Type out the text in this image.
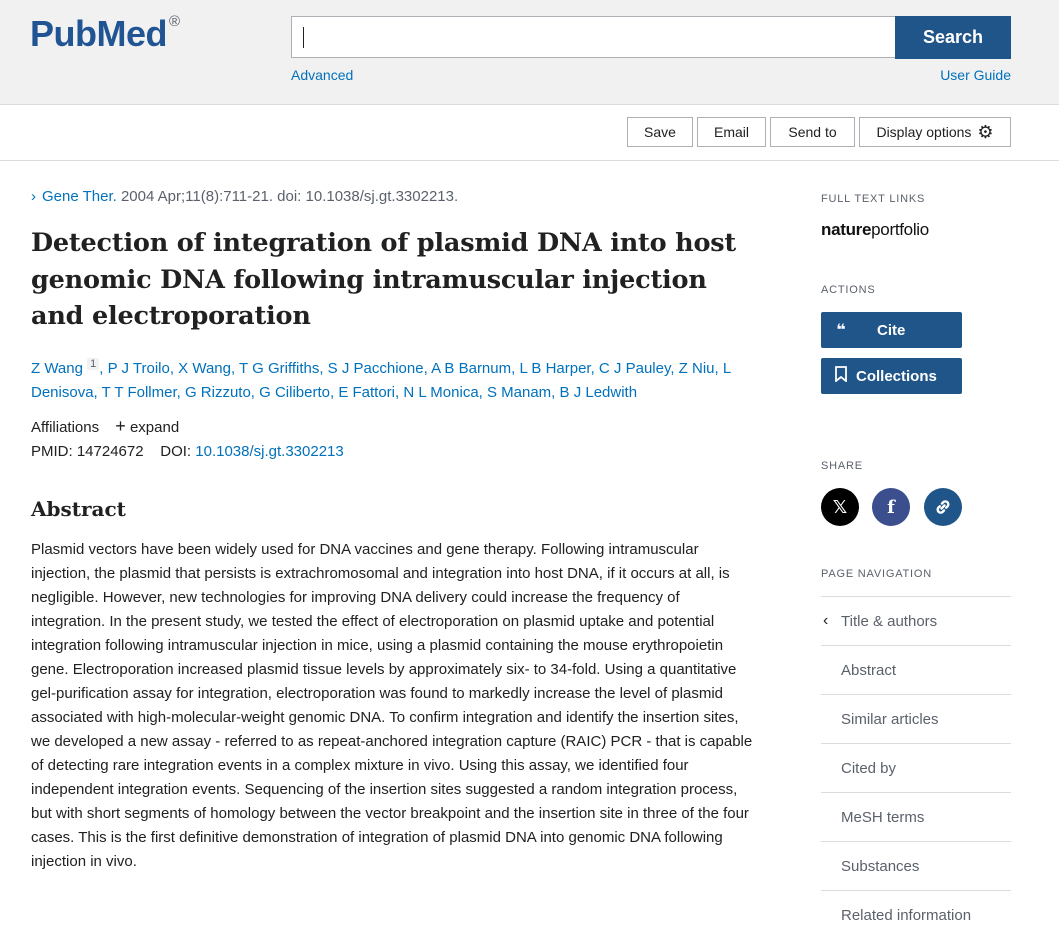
PubMed ®
Search
Advanced	User Guide
Save	Email	Send to	Display options ⚙
› Gene Ther. 2004 Apr;11(8):711-21. doi: 10.1038/sj.gt.3302213.
Detection of integration of plasmid DNA into host genomic DNA following intramuscular injection and electroporation
Z Wang $^1$ , P J Troilo, X Wang, T G Griffiths, S J Pacchione, A B Barnum, L B Harper, C J Pauley, Z Niu, L Denisova, T T Follmer, G Rizzuto, G Ciliberto, E Fattori, N L Monica, S Manam, B J Ledwith
Affiliations + expand
PMID: 14724672 DOI: 10.1038/sj.gt.3302213
Abstract

Plasmid vectors have been widely used for DNA vaccines and gene therapy. Following intramuscular injection, the plasmid that persists is extrachromosomal and integration into host DNA, if it occurs at all, is negligible. However, new technologies for improving DNA delivery could increase the frequency of integration. In the present study, we tested the effect of electroporation on plasmid uptake and potential integration following intramuscular injection in mice, using a plasmid containing the mouse erythropoietin gene. Electroporation increased plasmid tissue levels by approximately six- to 34-fold. Using a quantitative gel-purification assay for integration, electroporation was found to markedly increase the level of plasmid associated with high-molecular-weight genomic DNA. To confirm integration and identify the insertion sites, we developed a new assay - referred to as repeat-anchored integration capture (RAIC) PCR - that is capable of detecting rare integration events in a complex mixture in vivo. Using this assay, we identified four independent integration events. Sequencing of the insertion sites suggested a random integration process, but with short segments of homology between the vector breakpoint and the insertion site in three of the four cases. This is the first definitive demonstration of integration of plasmid DNA into genomic DNA following injection in vivo.

FULL TEXT LINKS
natureportfolio
ACTIONS
❝	Cite
Collections
SHARE
𝕏	f
PAGE NAVIGATION
‹ Title & authors
Abstract
Similar articles
Cited by
MeSH terms
Substances
Related information
